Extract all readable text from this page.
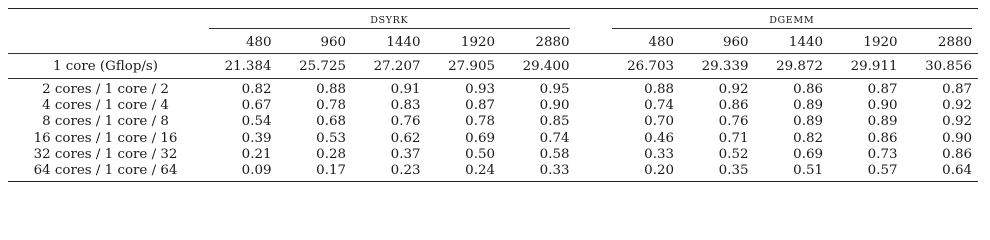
	DSYRK						DGEMM				

	480	960	1440	1920	2880		480	960	1440	1920	2880
1 core (Gflop/s)	21.384	25.725	27.207	27.905	29.400		26.703	29.339	29.872	29.911	30.856
2 cores / 1 core / 2	0.82	0.88	0.91	0.93	0.95		0.88	0.92	0.86	0.87	0.87
4 cores / 1 core / 4	0.67	0.78	0.83	0.87	0.90		0.74	0.86	0.89	0.90	0.92
8 cores / 1 core / 8	0.54	0.68	0.76	0.78	0.85		0.70	0.76	0.89	0.89	0.92
16 cores / 1 core / 16	0.39	0.53	0.62	0.69	0.74		0.46	0.71	0.82	0.86	0.90
32 cores / 1 core / 32	0.21	0.28	0.37	0.50	0.58		0.33	0.52	0.69	0.73	0.86
64 cores / 1 core / 64	0.09	0.17	0.23	0.24	0.33		0.20	0.35	0.51	0.57	0.64
